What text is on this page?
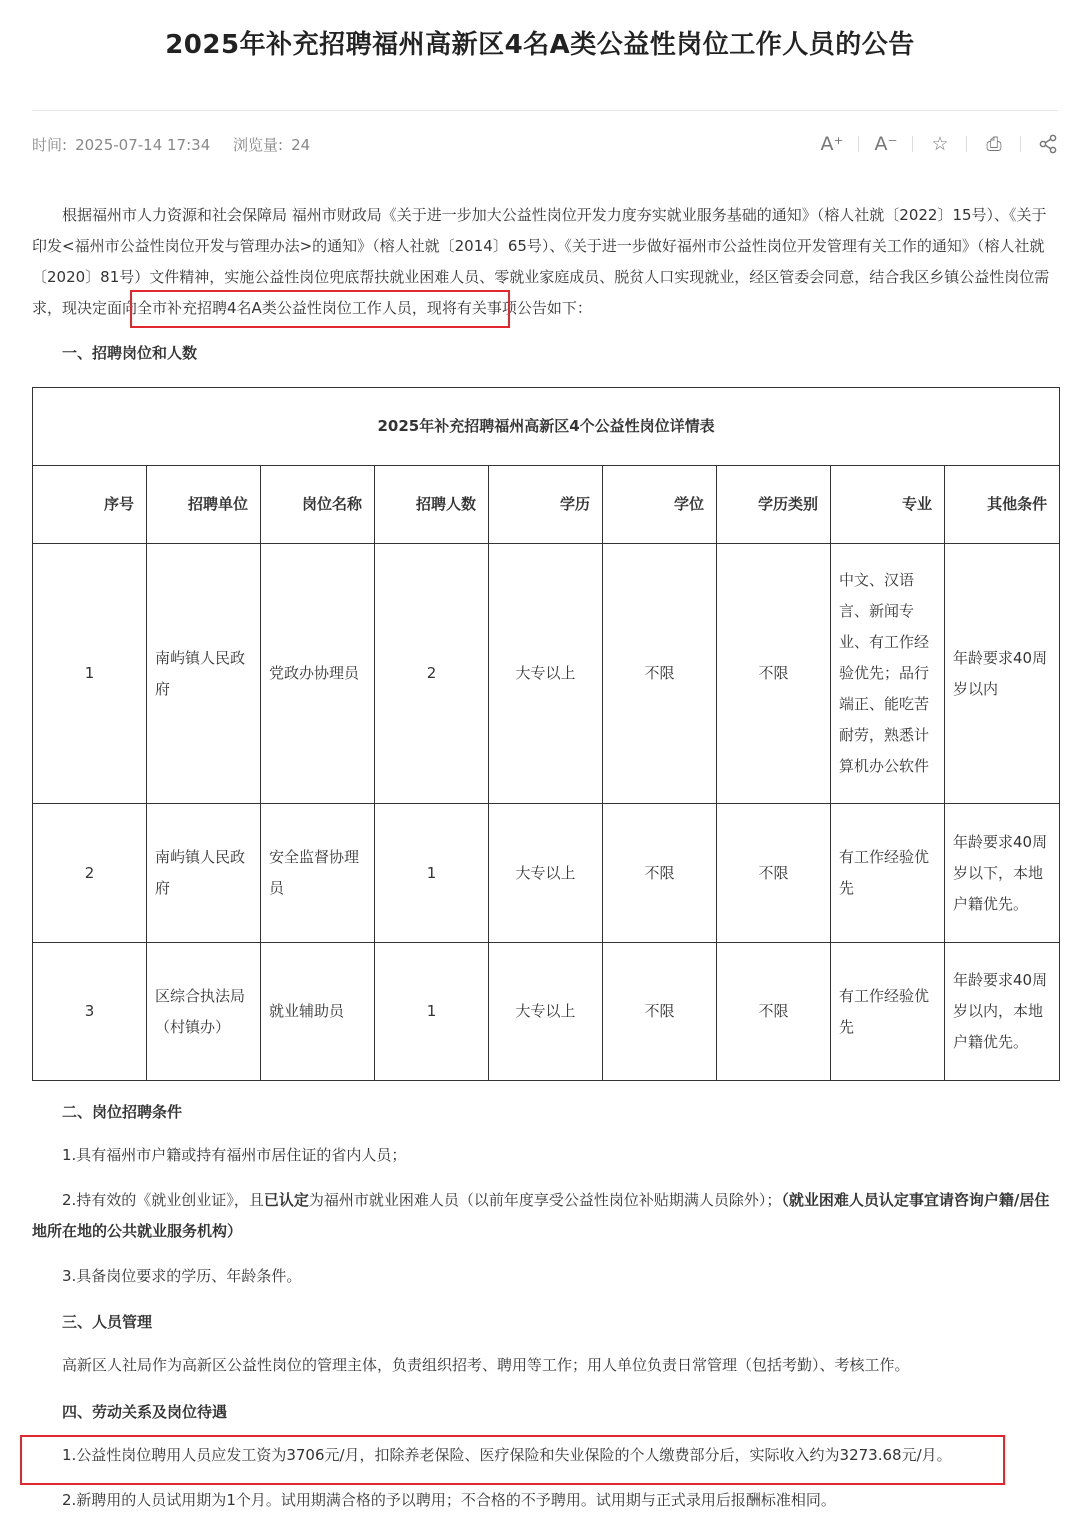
2025年补充招聘福州高新区4名A类公益性岗位工作人员的公告
时间: 2025-07-14 17:34 浏览量: 24	A⁺ A⁻ ☆	⎙
根据福州市人力资源和社会保障局 福州市财政局《关于进一步加大公益性岗位开发力度夯实就业服务基础的通知》（榕人社就〔2022〕15号）、《关于印发<福州市公益性岗位开发与管理办法>的通知》（榕人社就〔2014〕65号）、《关于进一步做好福州市公益性岗位开发管理有关工作的通知》（榕人社就〔2020〕81号）文件精神，实施公益性岗位兜底帮扶就业困难人员、零就业家庭成员、脱贫人口实现就业，经区管委会同意，结合我区乡镇公益性岗位需求，现决定面向全市补充招聘4名A类公益性岗位工作人员，现将有关事项公告如下：
一、招聘岗位和人数
2025年补充招聘福州高新区4个公益性岗位详情表								
序号	招聘单位	岗位名称	招聘人数	学历	学位	学历类别	专业	其他条件
1	南屿镇人民政府	党政办协理员	2	大专以上	不限	不限	中文、汉语言、新闻专业、有工作经验优先；品行端正、能吃苦耐劳，熟悉计算机办公软件	年龄要求40周岁以内
2	南屿镇人民政府	安全监督协理员	1	大专以上	不限	不限	有工作经验优先	年龄要求40周岁以下，本地户籍优先。
3	区综合执法局（村镇办）	就业辅助员	1	大专以上	不限	不限	有工作经验优先	年龄要求40周岁以内，本地户籍优先。
二、岗位招聘条件
1.具有福州市户籍或持有福州市居住证的省内人员；
2.持有效的《就业创业证》，且已认定为福州市就业困难人员（以前年度享受公益性岗位补贴期满人员除外）；（就业困难人员认定事宜请咨询户籍/居住地所在地的公共就业服务机构）
3.具备岗位要求的学历、年龄条件。
三、人员管理
高新区人社局作为高新区公益性岗位的管理主体，负责组织招考、聘用等工作；用人单位负责日常管理（包括考勤）、考核工作。
四、劳动关系及岗位待遇
1.公益性岗位聘用人员应发工资为3706元/月，扣除养老保险、医疗保险和失业保险的个人缴费部分后，实际收入约为3273.68元/月。
2.新聘用的人员试用期为1个月。试用期满合格的予以聘用；不合格的不予聘用。试用期与正式录用后报酬标准相同。
